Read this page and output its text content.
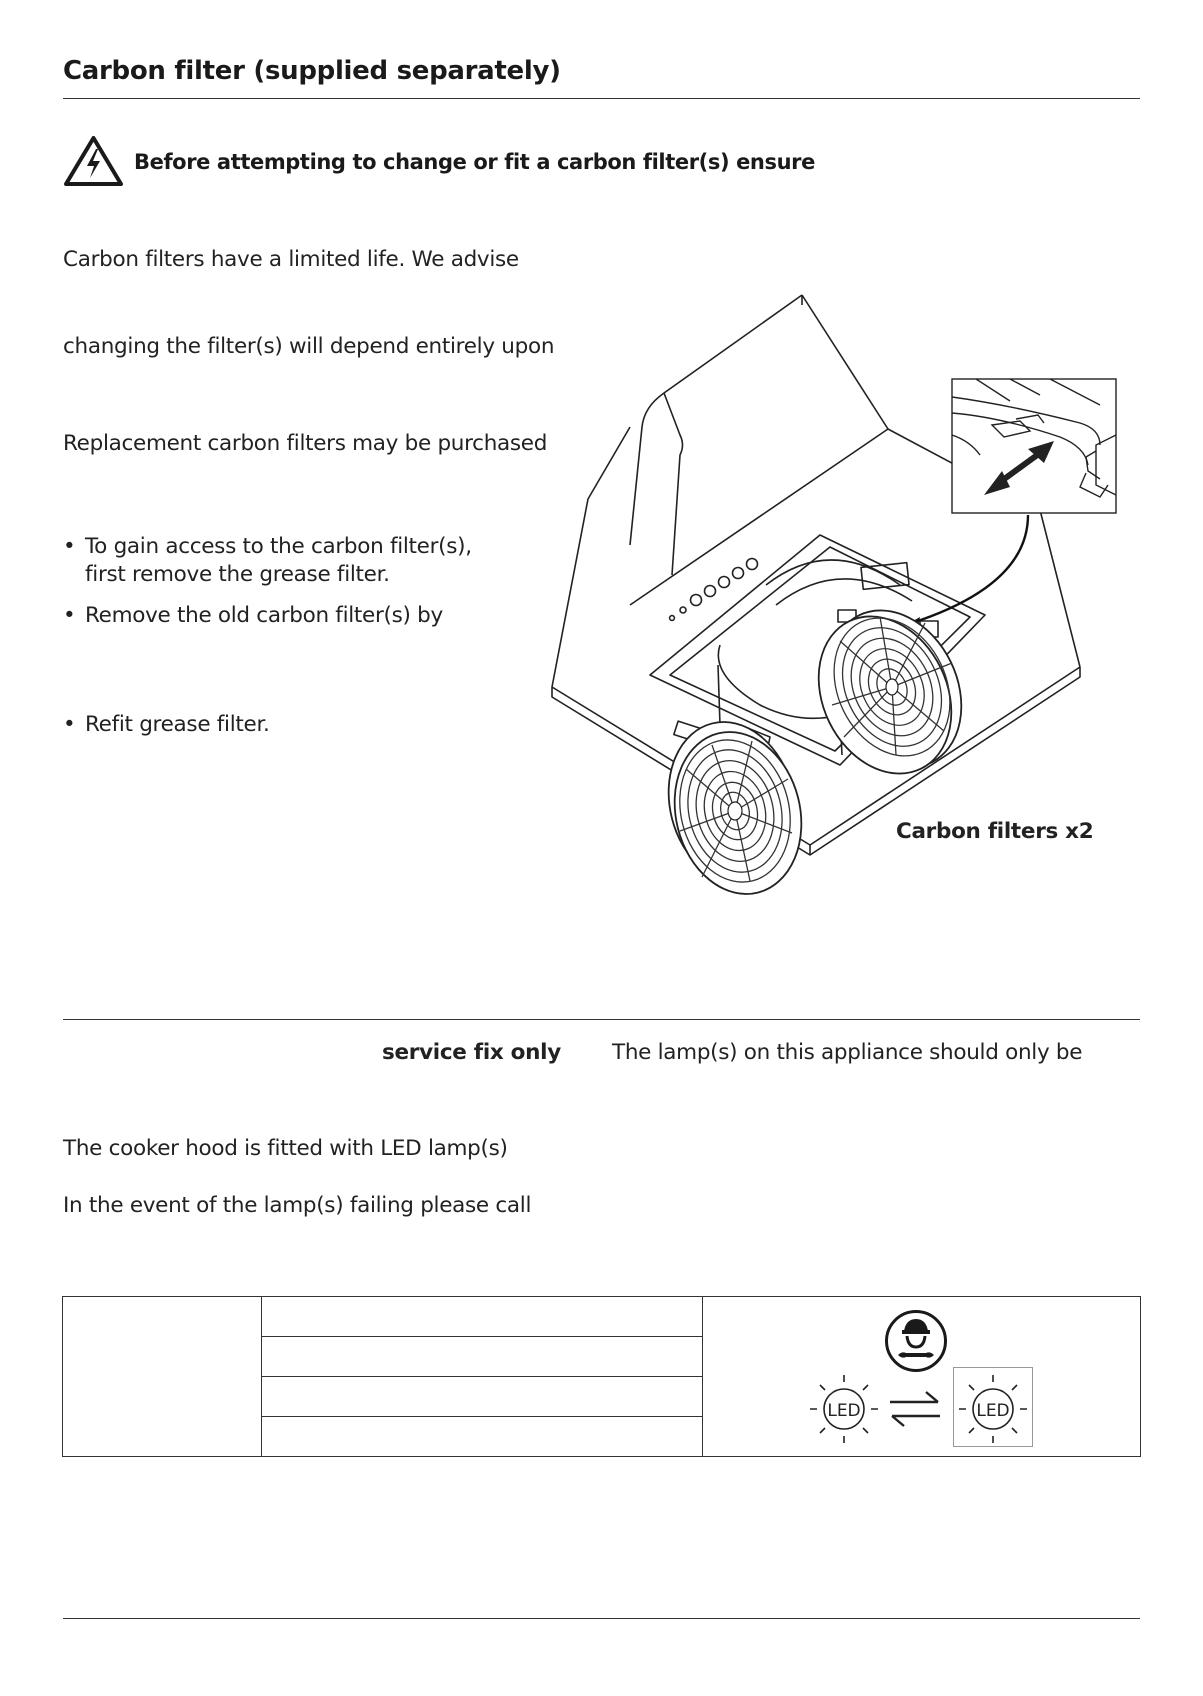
Carbon filter (supplied separately)
Before attempting to change or fit a carbon filter(s) ensure
Carbon filters have a limited life. We advise
changing the filter(s) will depend entirely upon
Replacement carbon filters may be purchased
• To gain access to the carbon filter(s),
first remove the grease filter.
• Remove the old carbon filter(s) by
• Refit grease filter.
Carbon filters x2
service fix only The lamp(s) on this appliance should only be
The cooker hood is fitted with LED lamp(s)
In the event of the lamp(s) failing please call

LED	LED
